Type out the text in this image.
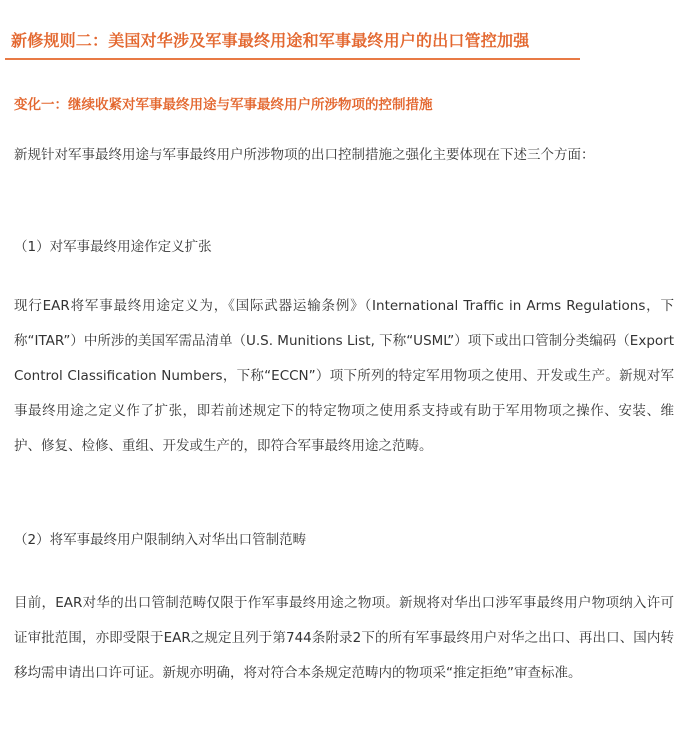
新修规则二：美国对华涉及军事最终用途和军事最终用户的出口管控加强
变化一：继续收紧对军事最终用途与军事最终用户所涉物项的控制措施

新规针对军事最终用途与军事最终用户所涉物项的出口控制措施之强化主要体现在下述三个方面：

（1）对军事最终用途作定义扩张

现行EAR将军事最终用途定义为，《国际武器运输条例》（International Traffic in Arms Regulations，下称“ITAR”）中所涉的美国军需品清单（U.S. Munitions List, 下称“USML”）项下或出口管制分类编码（Export Control Classification Numbers，下称“ECCN”）项下所列的特定军用物项之使用、开发或生产。新规对军事最终用途之定义作了扩张，即若前述规定下的特定物项之使用系支持或有助于军用物项之操作、安装、维护、修复、检修、重组、开发或生产的，即符合军事最终用途之范畴。

（2）将军事最终用户限制纳入对华出口管制范畴

目前，EAR对华的出口管制范畴仅限于作军事最终用途之物项。新规将对华出口涉军事最终用户物项纳入许可证审批范围，亦即受限于EAR之规定且列于第744条附录2下的所有军事最终用户对华之出口、再出口、国内转移均需申请出口许可证。新规亦明确，将对符合本条规定范畴内的物项采“推定拒绝”审查标准。
